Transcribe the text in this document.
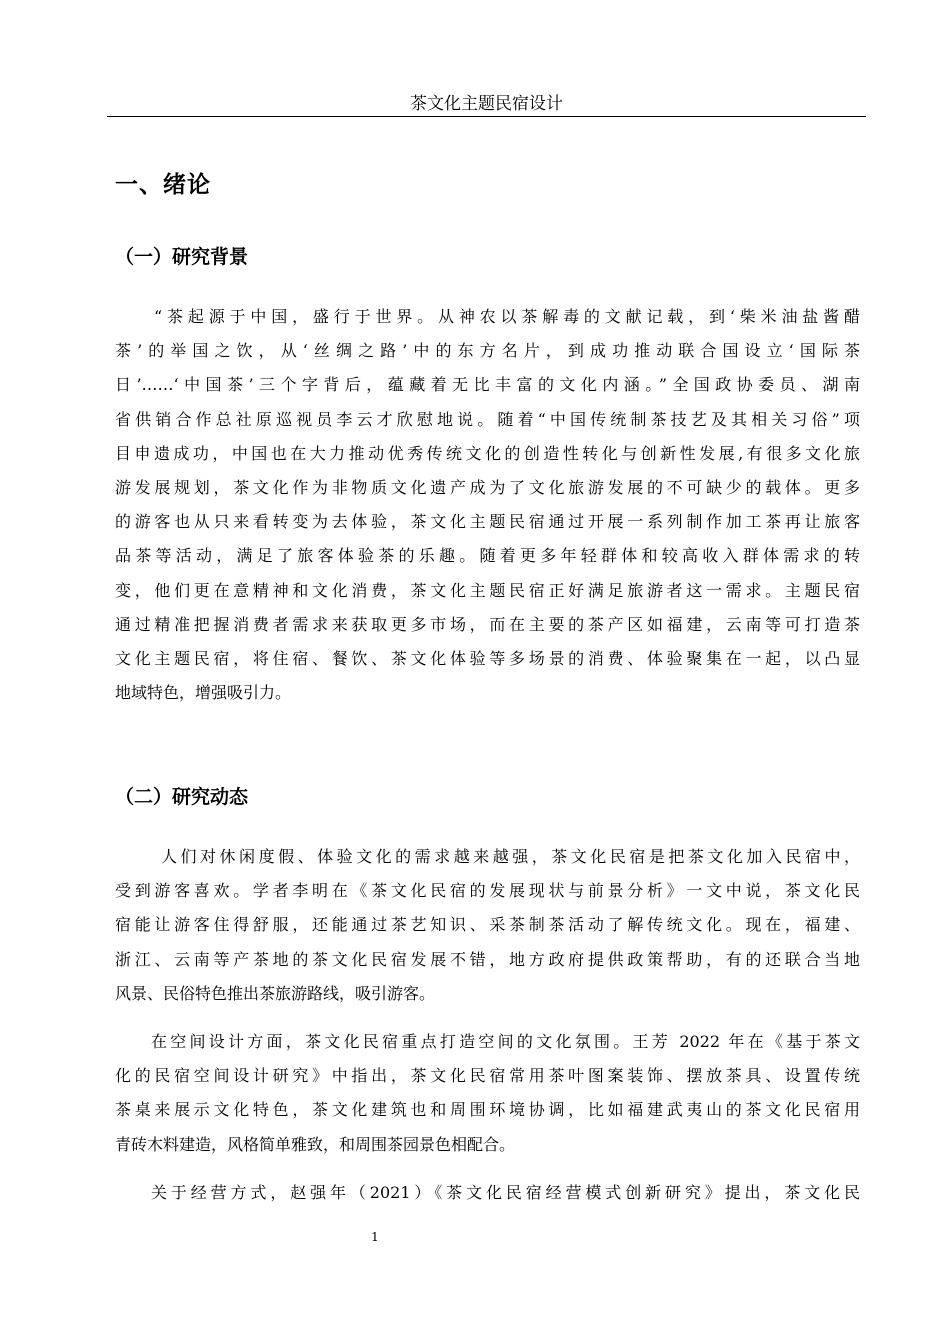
茶文化主题民宿设计
一、绪论
（一）研究背景
“茶起源于中国，盛行于世界。从神农以茶解毒的文献记载，到‘柴米油盐酱醋
茶’的举国之饮，从‘丝绸之路’中的东方名片，到成功推动联合国设立‘国际茶
日’……‘中国茶’三个字背后，蕴藏着无比丰富的文化内涵。”全国政协委员、湖南
省供销合作总社原巡视员李云才欣慰地说。随着“中国传统制茶技艺及其相关习俗”项
目申遗成功，中国也在大力推动优秀传统文化的创造性转化与创新性发展,有很多文化旅
游发展规划，茶文化作为非物质文化遗产成为了文化旅游发展的不可缺少的载体。更多
的游客也从只来看转变为去体验，茶文化主题民宿通过开展一系列制作加工茶再让旅客
品茶等活动，满足了旅客体验茶的乐趣。随着更多年轻群体和较高收入群体需求的转
变，他们更在意精神和文化消费，茶文化主题民宿正好满足旅游者这一需求。主题民宿
通过精准把握消费者需求来获取更多市场，而在主要的茶产区如福建，云南等可打造茶
文化主题民宿，将住宿、餐饮、茶文化体验等多场景的消费、体验聚集在一起，以凸显
地域特色，增强吸引力。
（二）研究动态
人们对休闲度假、体验文化的需求越来越强，茶文化民宿是把茶文化加入民宿中，
受到游客喜欢。学者李明在《茶文化民宿的发展现状与前景分析》一文中说，茶文化民
宿能让游客住得舒服，还能通过茶艺知识、采茶制茶活动了解传统文化。现在，福建、
浙江、云南等产茶地的茶文化民宿发展不错，地方政府提供政策帮助，有的还联合当地
风景、民俗特色推出茶旅游路线，吸引游客。
在空间设计方面，茶文化民宿重点打造空间的文化氛围。王芳 2022 年在《基于茶文
化的民宿空间设计研究》中指出，茶文化民宿常用茶叶图案装饰、摆放茶具、设置传统
茶桌来展示文化特色，茶文化建筑也和周围环境协调，比如福建武夷山的茶文化民宿用
青砖木料建造，风格简单雅致，和周围茶园景色相配合。
关于经营方式，赵强年（2021）《茶文化民宿经营模式创新研究》提出，茶文化民
1
